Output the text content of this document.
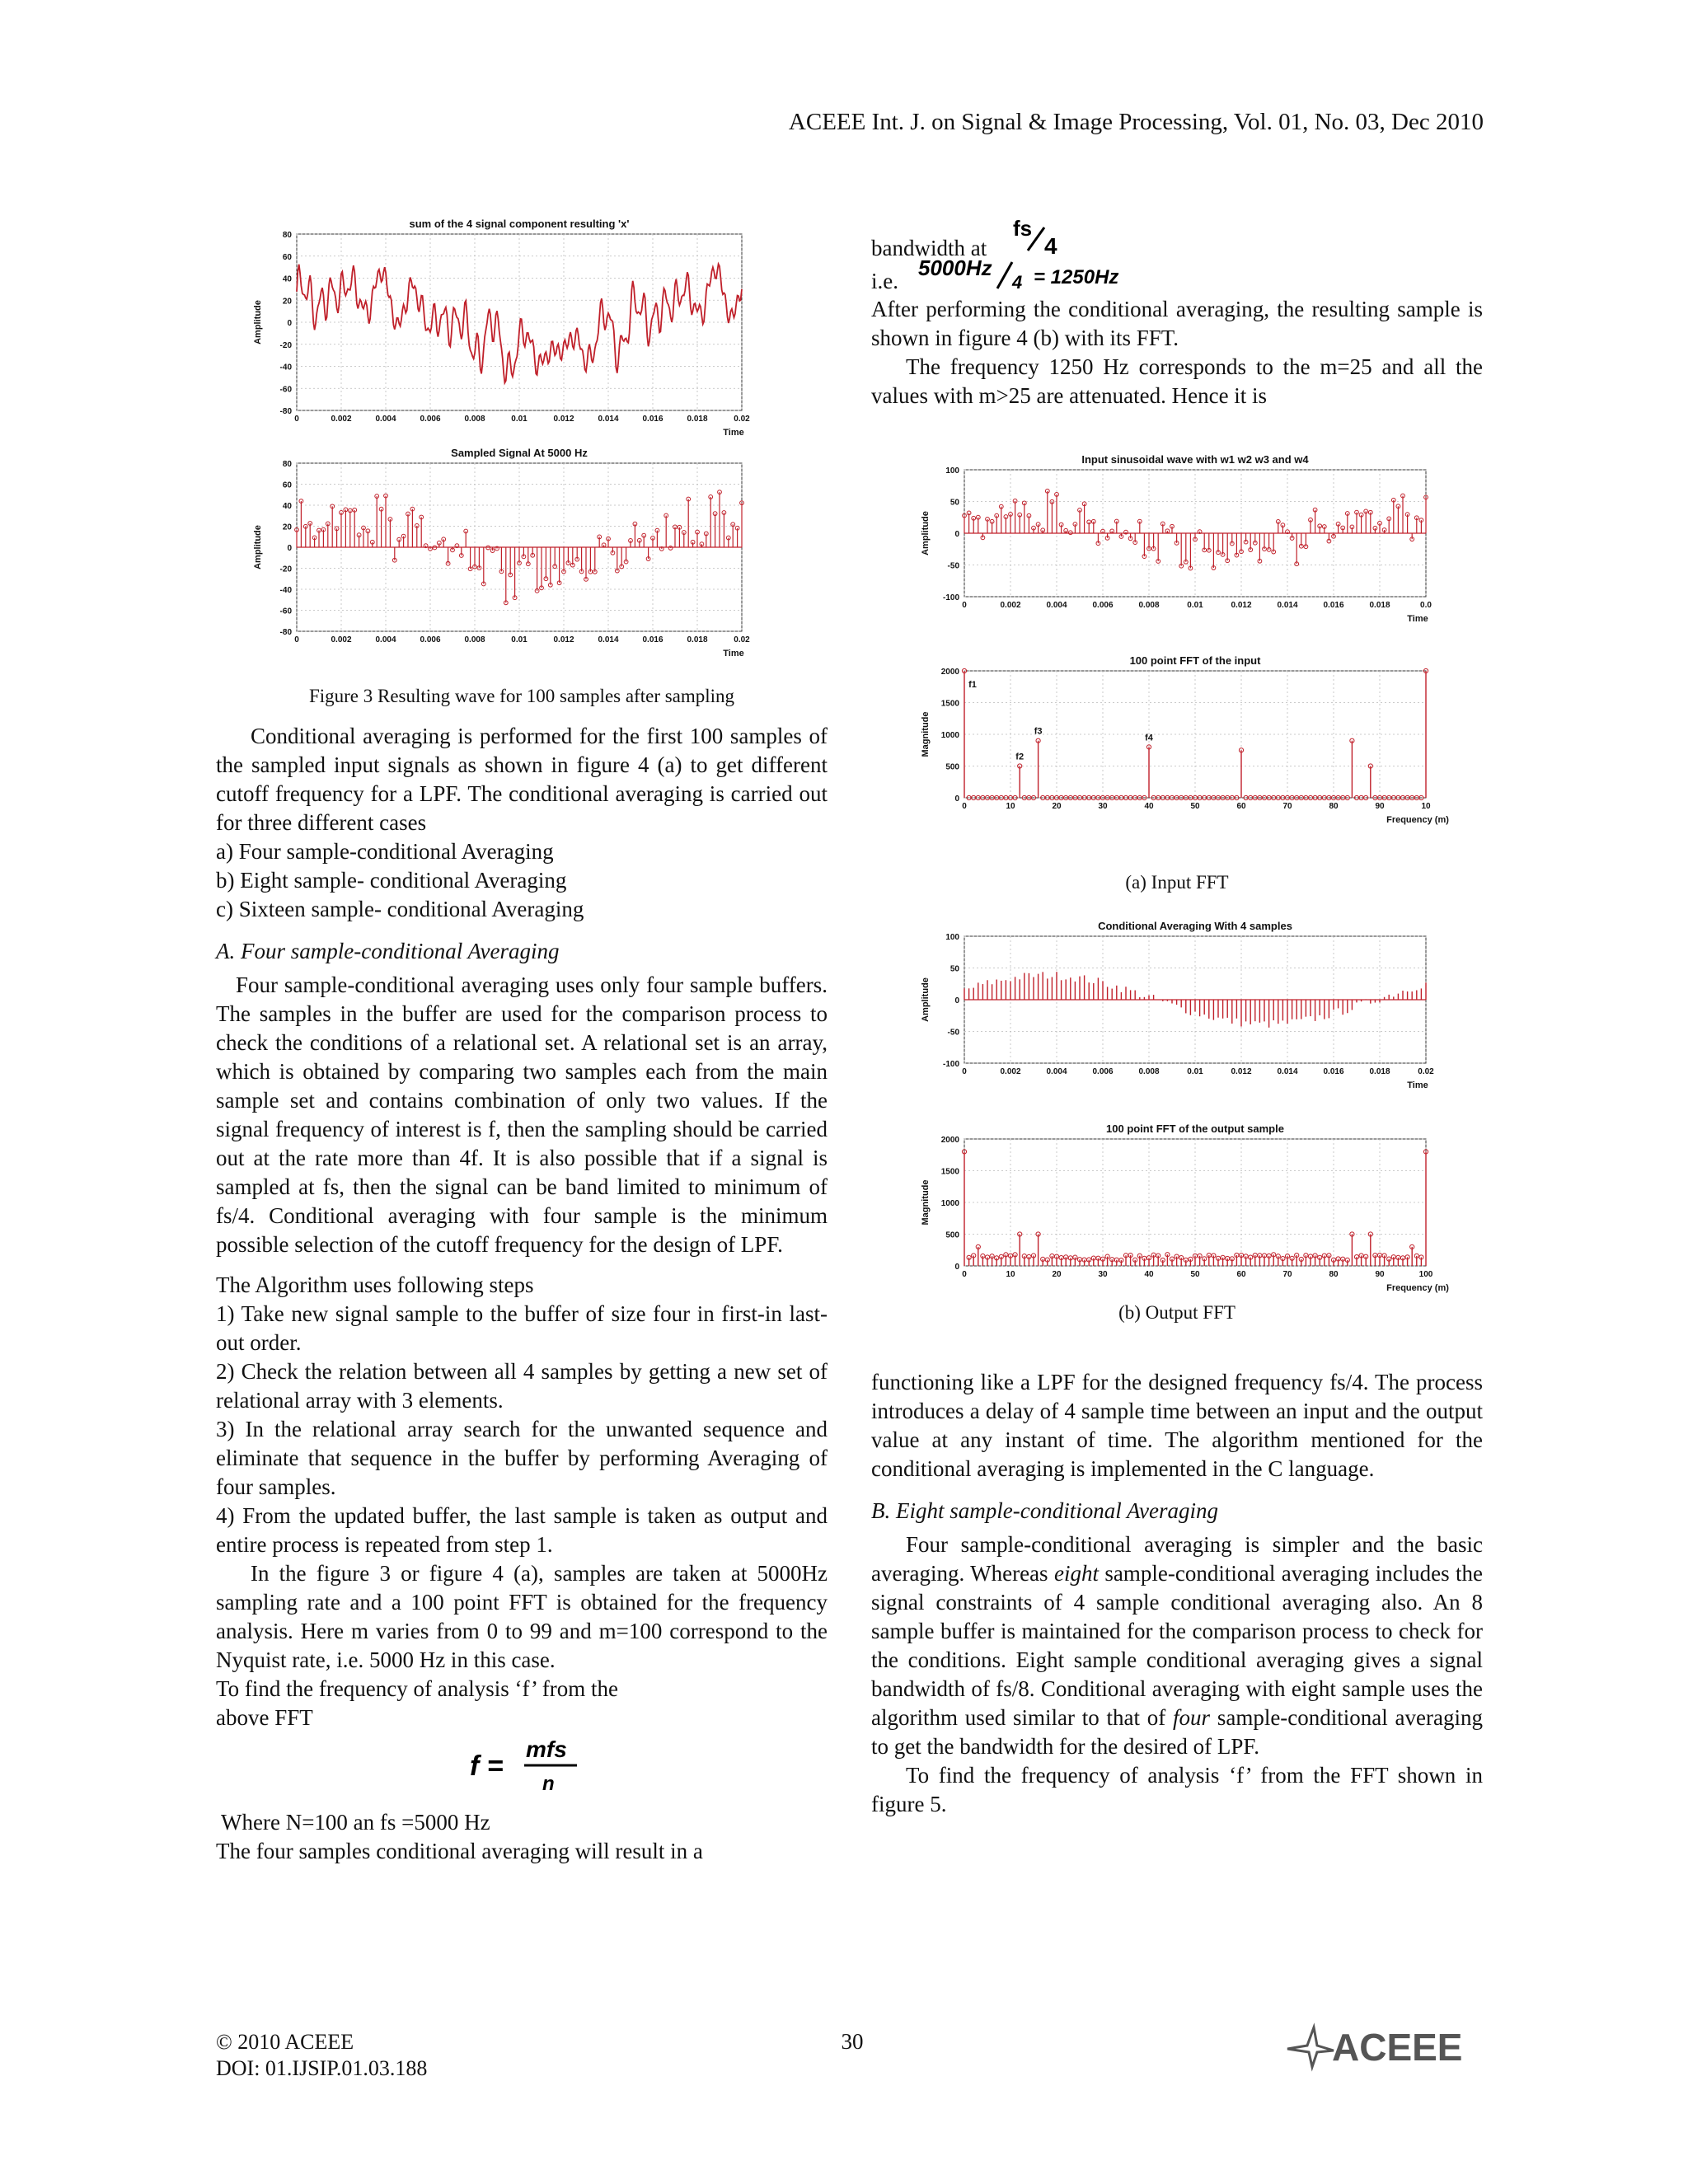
ACEEE Int. J. on Signal & Image Processing, Vol. 01, No. 03, Dec 2010
sum of the 4 signal component resulting 'x'
0	0.002	0.004	0.006	0.008	0.01	0.012	0.014	0.016	0.018	0.02
80
60
40
20
0
-20
-40
-60
-80
Time
Amplitude
Sampled Signal At 5000 Hz
0	0.002	0.004	0.006	0.008	0.01	0.012	0.014	0.016	0.018	0.02
80
60
40
20
0
-20
-40
-60
-80
Time
Amplitude
Figure 3 Resulting wave for 100 samples after sampling

Conditional averaging is performed for the first 100 samples of the sampled input signals as shown in figure 4 (a) to get different cutoff frequency for a LPF. The conditional averaging is carried out for three different cases

a) Four sample-conditional Averaging
b) Eight sample- conditional Averaging
c) Sixteen sample- conditional Averaging
A. Four sample-conditional Averaging

Four sample-conditional averaging uses only four sample buffers. The samples in the buffer are used for the comparison process to check the conditions of a relational set. A relational set is an array, which is obtained by comparing two samples each from the main sample set and contains combination of only two values. If the signal frequency of interest is f, then the sampling should be carried out at the rate more than 4f. It is also possible that if a signal is sampled at fs, then the signal can be band limited to minimum of fs/4. Conditional averaging with four sample is the minimum possible selection of the cutoff frequency for the design of LPF.

The Algorithm uses following steps

1) Take new signal sample to the buffer of size four in first-in last-out order.

2) Check the relation between all 4 samples by getting a new set of relational array with 3 elements.

3) In the relational array search for the unwanted sequence and eliminate that sequence in the buffer by performing Averaging of four samples.

4) From the updated buffer, the last sample is taken as output and entire process is repeated from step 1.

In the figure 3 or figure 4 (a), samples are taken at 5000Hz sampling rate and a 100 point FFT is obtained for the frequency analysis. Here m varies from 0 to 99 and m=100 correspond to the Nyquist rate, i.e. 5000 Hz in this case.

To find the frequency of analysis ‘f’ from the
above FFT
f =
mfs
n
Where N=100 an fs =5000 Hz
The four samples conditional averaging will result in a
bandwidth at
fs
4
i.e.
5000Hz
4 = 1250Hz

After performing the conditional averaging, the resulting sample is shown in figure 4 (b) with its FFT.

The frequency 1250 Hz corresponds to the m=25 and all the values with m>25 are attenuated. Hence it is

Input sinusoidal wave with w1 w2 w3 and w4
0	0.002	0.004	0.006	0.008	0.01	0.012	0.014	0.016	0.018	0.0
100
50
0
-50
-100
Time
Amplitude
100 point FFT of the input
0	10	20	30	40	50	60	70	80	90	10
2000
1500
1000
500
0
Frequency (m)
Magnitude
f1
f2
f3
f4
(a) Input FFT
Conditional Averaging With 4 samples
0	0.002	0.004	0.006	0.008	0.01	0.012	0.014	0.016	0.018	0.02
100
50
0
-50
-100
Time
Amplitude
100 point FFT of the output sample
0	10	20	30	40	50	60	70	80	90	100
2000
1500
1000
500
0
Frequency (m)
Magnitude
(b) Output FFT

functioning like a LPF for the designed frequency fs/4. The process introduces a delay of 4 sample time between an input and the output value at any instant of time. The algorithm mentioned for the conditional averaging is implemented in the C language.

B. Eight sample-conditional Averaging

Four sample-conditional averaging is simpler and the basic averaging. Whereas eight sample-conditional averaging includes the signal constraints of 4 sample conditional averaging also. An 8 sample buffer is maintained for the comparison process to check for the conditions. Eight sample conditional averaging gives a signal bandwidth of fs/8. Conditional averaging with eight sample uses the algorithm used similar to that of four sample-conditional averaging to get the bandwidth for the desired of LPF.

To find the frequency of analysis ‘f’ from the FFT shown in figure 5.

© 2010 ACEEE
DOI: 01.IJSIP.01.03.188
30	ACEEE
